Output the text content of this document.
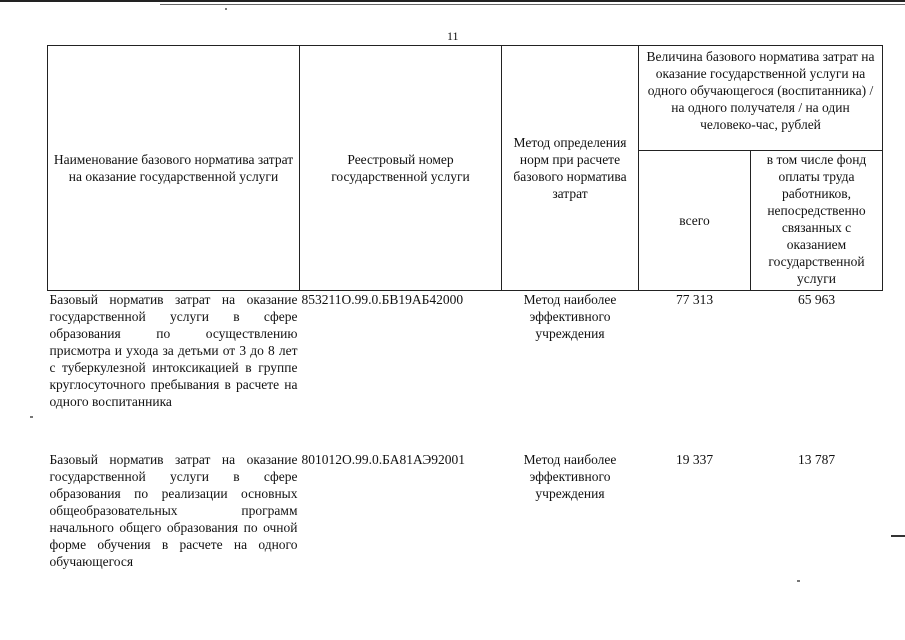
11
Наименование базового норматива затрат на оказание государственной услуги	Реестровый номер государственной услуги	Метод определения норм при расчете базового норматива затрат	Величина базового норматива затрат на оказание государственной услуги на одного обучающегося (воспитанника) / на одного получателя / на один человеко-час, рублей	
			всего	в том числе фонд оплаты труда работников, непосредственно связанных с оказанием государственной услуги
Базовый норматив затрат на оказание государственной услуги в сфере образования по осуществлению присмотра и ухода за детьми от 3 до 8 лет с туберкулезной интоксикацией в группе круглосуточного пребывания в расчете на одного воспитанника	853211О.99.0.БВ19АБ42000	Метод наиболее эффективного учреждения	77 313	65 963
Базовый норматив затрат на оказание государственной услуги в сфере образования по реализации основных общеобразовательных программ начального общего образования по очной форме обучения в расчете на одного обучающегося	801012О.99.0.БА81АЭ92001	Метод наиболее эффективного учреждения	19 337	13 787
